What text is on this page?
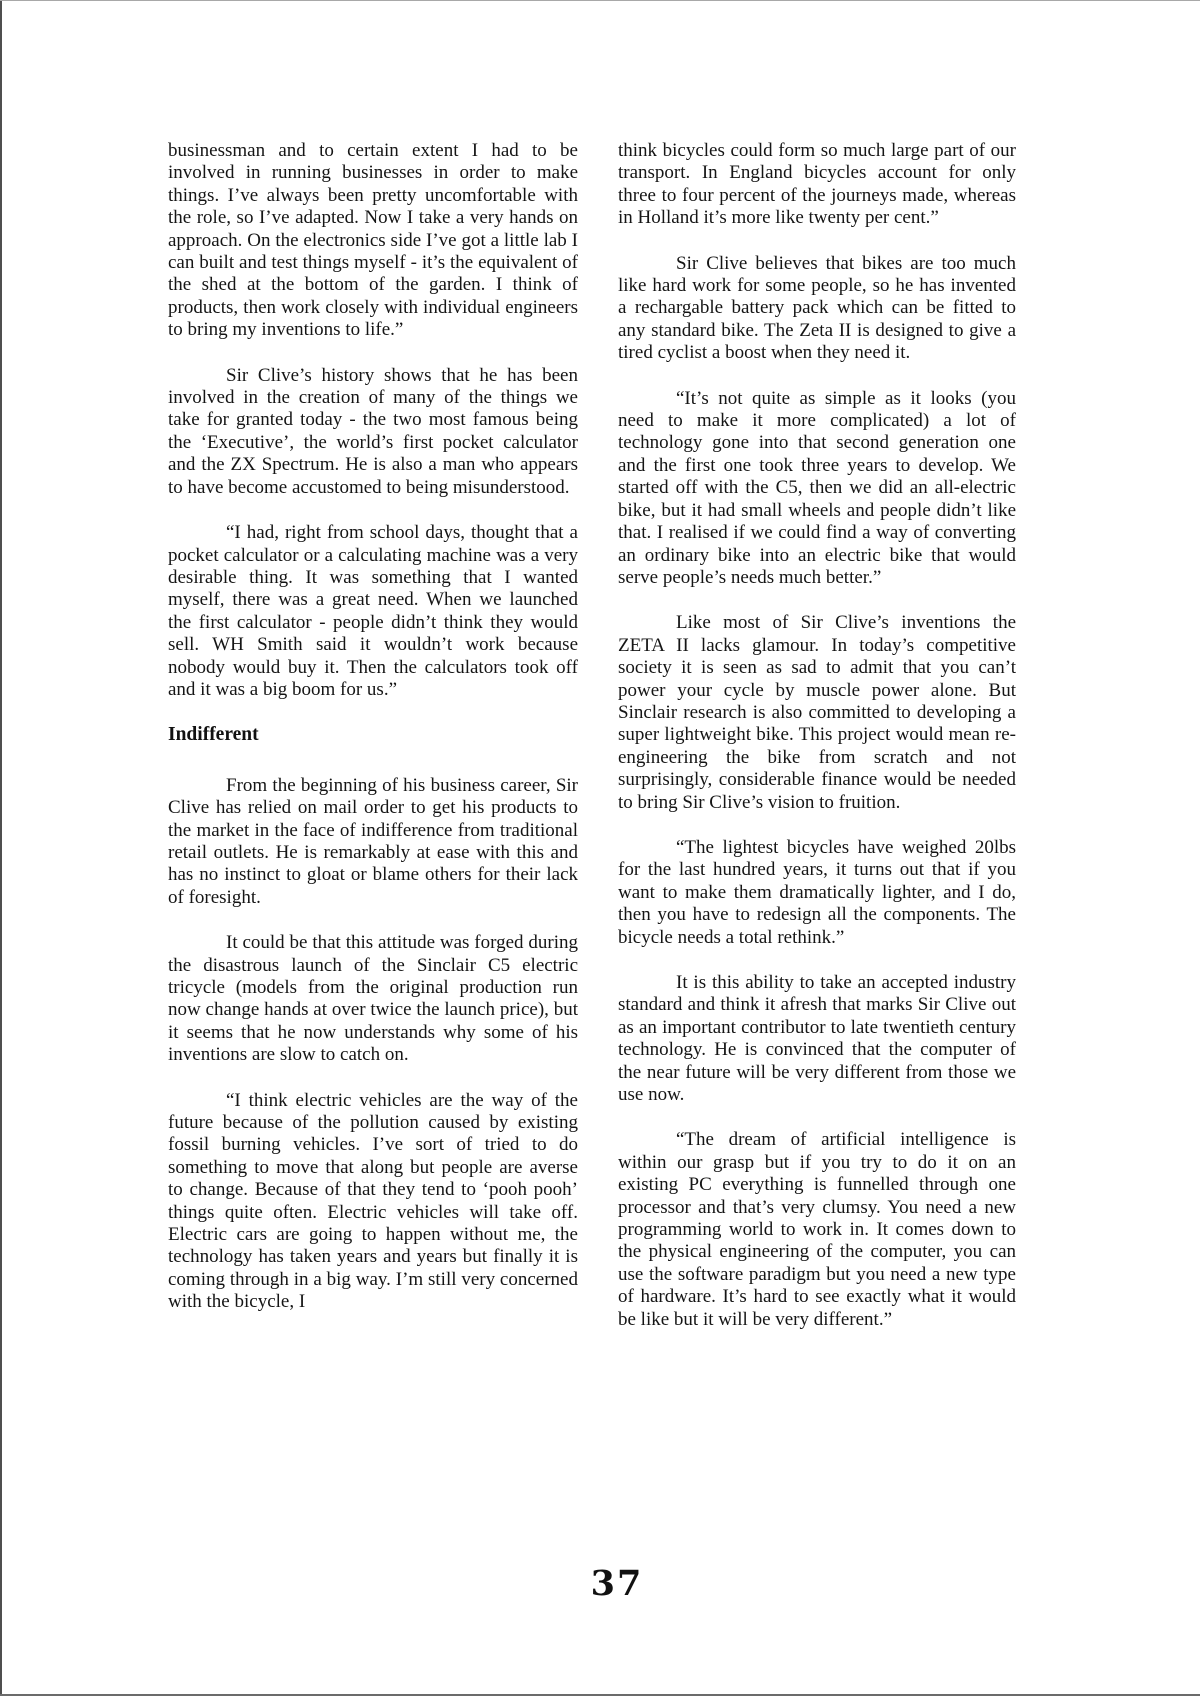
businessman and to certain extent I had to be involved in running businesses in order to make things. I’ve always been pretty uncomfortable with the role, so I’ve adapted. Now I take a very hands on approach. On the electronics side I’ve got a little lab I can built and test things myself - it’s the equivalent of the shed at the bottom of the garden. I think of products, then work closely with individual engineers to bring my inventions to life.”

Sir Clive’s history shows that he has been involved in the creation of many of the things we take for granted today - the two most famous being the ‘Executive’, the world’s first pocket calculator and the ZX Spectrum. He is also a man who appears to have become accustomed to being misunderstood.

“I had, right from school days, thought that a pocket calculator or a calculating machine was a very desirable thing. It was something that I wanted myself, there was a great need. When we launched the first calculator - people didn’t think they would sell. WH Smith said it wouldn’t work because nobody would buy it. Then the calculators took off and it was a big boom for us.”

Indifferent

From the beginning of his business career, Sir Clive has relied on mail order to get his products to the market in the face of indifference from traditional retail outlets. He is remarkably at ease with this and has no instinct to gloat or blame others for their lack of foresight.

It could be that this attitude was forged during the disastrous launch of the Sinclair C5 electric tricycle (models from the original production run now change hands at over twice the launch price), but it seems that he now understands why some of his inventions are slow to catch on.

“I think electric vehicles are the way of the future because of the pollution caused by existing fossil burning vehicles. I’ve sort of tried to do something to move that along but people are averse to change. Because of that they tend to ‘pooh pooh’ things quite often. Electric vehicles will take off. Electric cars are going to happen without me, the technology has taken years and years but finally it is coming through in a big way. I’m still very concerned with the bicycle, I

think bicycles could form so much large part of our transport. In England bicycles account for only three to four percent of the journeys made, whereas in Holland it’s more like twenty per cent.”

Sir Clive believes that bikes are too much like hard work for some people, so he has invented a rechargable battery pack which can be fitted to any standard bike. The Zeta II is designed to give a tired cyclist a boost when they need it.

“It’s not quite as simple as it looks (you need to make it more complicated) a lot of technology gone into that second generation one and the first one took three years to develop. We started off with the C5, then we did an all-electric bike, but it had small wheels and people didn’t like that. I realised if we could find a way of converting an ordinary bike into an electric bike that would serve people’s needs much better.”

Like most of Sir Clive’s inventions the ZETA II lacks glamour. In today’s competitive society it is seen as sad to admit that you can’t power your cycle by muscle power alone. But Sinclair research is also committed to developing a super lightweight bike. This project would mean re-engineering the bike from scratch and not surprisingly, considerable finance would be needed to bring Sir Clive’s vision to fruition.

“The lightest bicycles have weighed 20lbs for the last hundred years, it turns out that if you want to make them dramatically lighter, and I do, then you have to redesign all the components. The bicycle needs a total rethink.”

It is this ability to take an accepted industry standard and think it afresh that marks Sir Clive out as an important contributor to late twentieth century technology. He is convinced that the computer of the near future will be very different from those we use now.

“The dream of artificial intelligence is within our grasp but if you try to do it on an existing PC everything is funnelled through one processor and that’s very clumsy. You need a new programming world to work in. It comes down to the physical engineering of the computer, you can use the software paradigm but you need a new type of hardware. It’s hard to see exactly what it would be like but it will be very different.”

37
